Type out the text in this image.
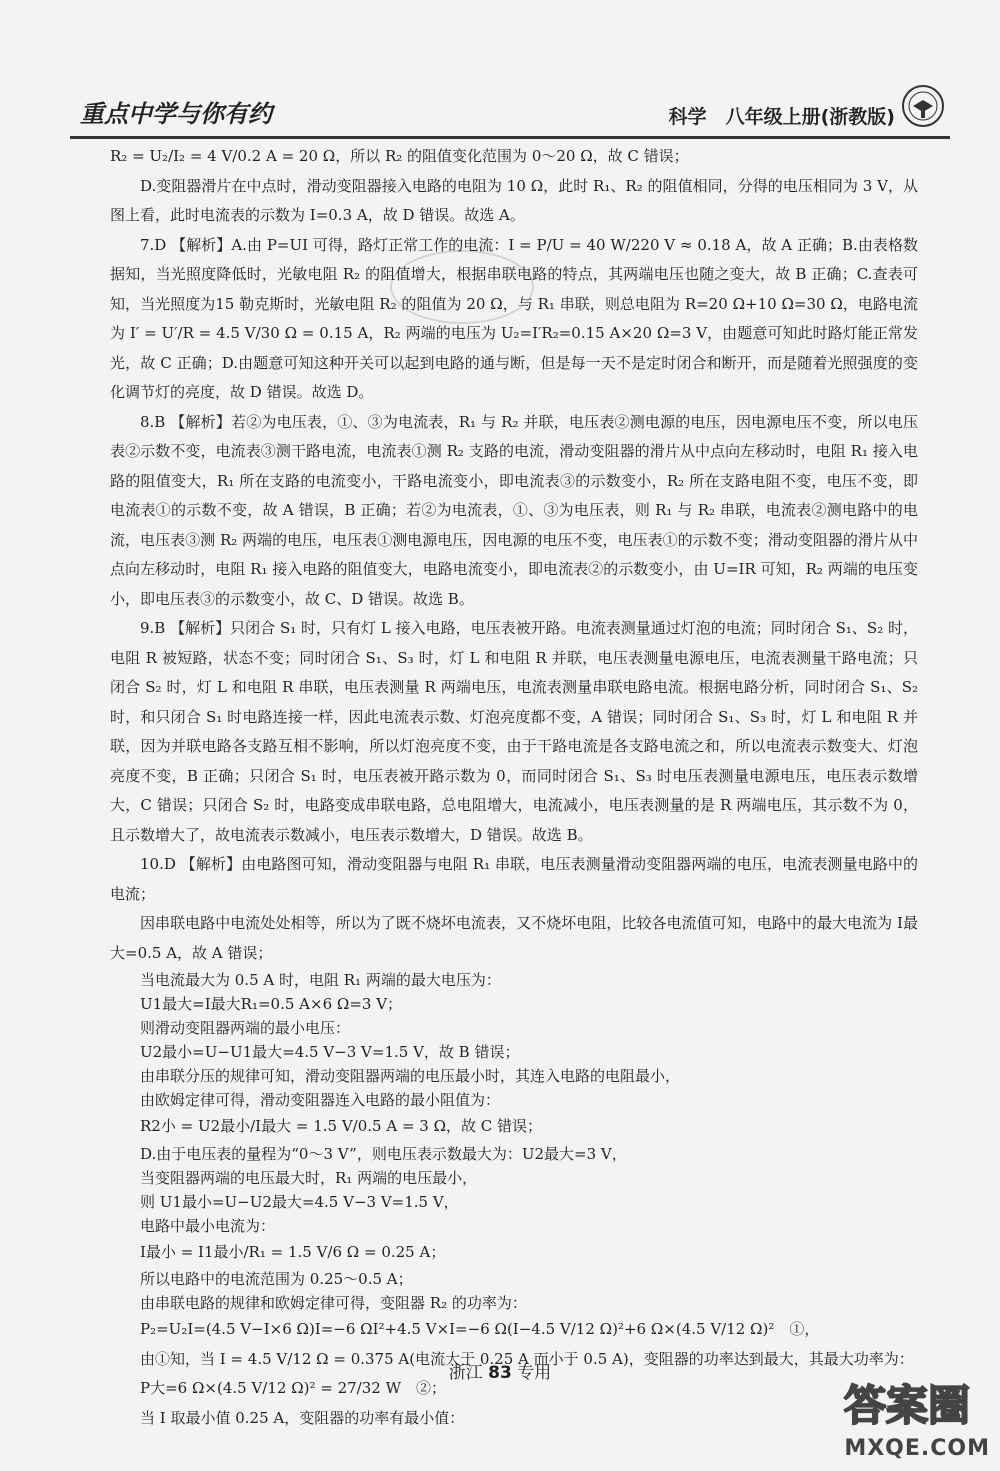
重点中学与你有约	科学　八年级上册(浙教版)

R₂ = U₂/I₂ = 4 V/0.2 A = 20 Ω，所以 R₂ 的阻值变化范围为 0～20 Ω，故 C 错误；

D.变阻器滑片在中点时，滑动变阻器接入电路的电阻为 10 Ω，此时 R₁、R₂ 的阻值相同，分得的电压相同为 3 V，从图上看，此时电流表的示数为 I=0.3 A，故 D 错误。故选 A。

7.D 【解析】A.由 P=UI 可得，路灯正常工作的电流：I = P/U = 40 W/220 V ≈ 0.18 A，故 A 正确；B.由表格数据知，当光照度降低时，光敏电阻 R₂ 的阻值增大，根据串联电路的特点，其两端电压也随之变大，故 B 正确；C.查表可知，当光照度为15 勒克斯时，光敏电阻 R₂ 的阻值为 20 Ω，与 R₁ 串联，则总电阻为 R=20 Ω+10 Ω=30 Ω，电路电流为 I′ = U′/R = 4.5 V/30 Ω = 0.15 A，R₂ 两端的电压为 U₂=I′R₂=0.15 A×20 Ω=3 V，由题意可知此时路灯能正常发光，故 C 正确；D.由题意可知这种开关可以起到电路的通与断，但是每一天不是定时闭合和断开，而是随着光照强度的变化调节灯的亮度，故 D 错误。故选 D。

8.B 【解析】若②为电压表，①、③为电流表，R₁ 与 R₂ 并联，电压表②测电源的电压，因电源电压不变，所以电压表②示数不变，电流表③测干路电流，电流表①测 R₂ 支路的电流，滑动变阻器的滑片从中点向左移动时，电阻 R₁ 接入电路的阻值变大，R₁ 所在支路的电流变小，干路电流变小，即电流表③的示数变小，R₂ 所在支路电阻不变，电压不变，即电流表①的示数不变，故 A 错误，B 正确；若②为电流表，①、③为电压表，则 R₁ 与 R₂ 串联，电流表②测电路中的电流，电压表③测 R₂ 两端的电压，电压表①测电源电压，因电源的电压不变，电压表①的示数不变；滑动变阻器的滑片从中点向左移动时，电阻 R₁ 接入电路的阻值变大，电路电流变小，即电流表②的示数变小，由 U=IR 可知，R₂ 两端的电压变小，即电压表③的示数变小，故 C、D 错误。故选 B。

9.B 【解析】只闭合 S₁ 时，只有灯 L 接入电路，电压表被开路。电流表测量通过灯泡的电流；同时闭合 S₁、S₂ 时，电阻 R 被短路，状态不变；同时闭合 S₁、S₃ 时，灯 L 和电阻 R 并联，电压表测量电源电压，电流表测量干路电流；只闭合 S₂ 时，灯 L 和电阻 R 串联，电压表测量 R 两端电压，电流表测量串联电路电流。根据电路分析，同时闭合 S₁、S₂ 时，和只闭合 S₁ 时电路连接一样，因此电流表示数、灯泡亮度都不变，A 错误；同时闭合 S₁、S₃ 时，灯 L 和电阻 R 并联，因为并联电路各支路互相不影响，所以灯泡亮度不变，由于干路电流是各支路电流之和，所以电流表示数变大、灯泡亮度不变，B 正确；只闭合 S₁ 时，电压表被开路示数为 0，而同时闭合 S₁、S₃ 时电压表测量电源电压，电压表示数增大，C 错误；只闭合 S₂ 时，电路变成串联电路，总电阻增大，电流减小，电压表测量的是 R 两端电压，其示数不为 0，且示数增大了，故电流表示数减小，电压表示数增大，D 错误。故选 B。

10.D 【解析】由电路图可知，滑动变阻器与电阻 R₁ 串联，电压表测量滑动变阻器两端的电压，电流表测量电路中的电流；

因串联电路中电流处处相等，所以为了既不烧坏电流表，又不烧坏电阻，比较各电流值可知，电路中的最大电流为 I最大=0.5 A，故 A 错误；

当电流最大为 0.5 A 时，电阻 R₁ 两端的最大电压为：

U1最大=I最大R₁=0.5 A×6 Ω=3 V；

则滑动变阻器两端的最小电压：

U2最小=U−U1最大=4.5 V−3 V=1.5 V，故 B 错误；

由串联分压的规律可知，滑动变阻器两端的电压最小时，其连入电路的电阻最小，

由欧姆定律可得，滑动变阻器连入电路的最小阻值为：

R2小 = U2最小/I最大 = 1.5 V/0.5 A = 3 Ω，故 C 错误；

D.由于电压表的量程为“0～3 V”，则电压表示数最大为：U2最大=3 V，

当变阻器两端的电压最大时，R₁ 两端的电压最小，

则 U1最小=U−U2最大=4.5 V−3 V=1.5 V，

电路中最小电流为：

I最小 = I1最小/R₁ = 1.5 V/6 Ω = 0.25 A；

所以电路中的电流范围为 0.25～0.5 A；

由串联电路的规律和欧姆定律可得，变阻器 R₂ 的功率为：

P₂=U₂I=(4.5 V−I×6 Ω)I=−6 ΩI²+4.5 V×I=−6 Ω(I−4.5 V/12 Ω)²+6 Ω×(4.5 V/12 Ω)²　①，

由①知，当 I = 4.5 V/12 Ω = 0.375 A(电流大于 0.25 A 而小于 0.5 A)，变阻器的功率达到最大，其最大功率为：

P大=6 Ω×(4.5 V/12 Ω)² = 27/32 W　②；

当 I 取最小值 0.25 A，变阻器的功率有最小值：

浙江 83 专用
答案圈
MXQE.COM
